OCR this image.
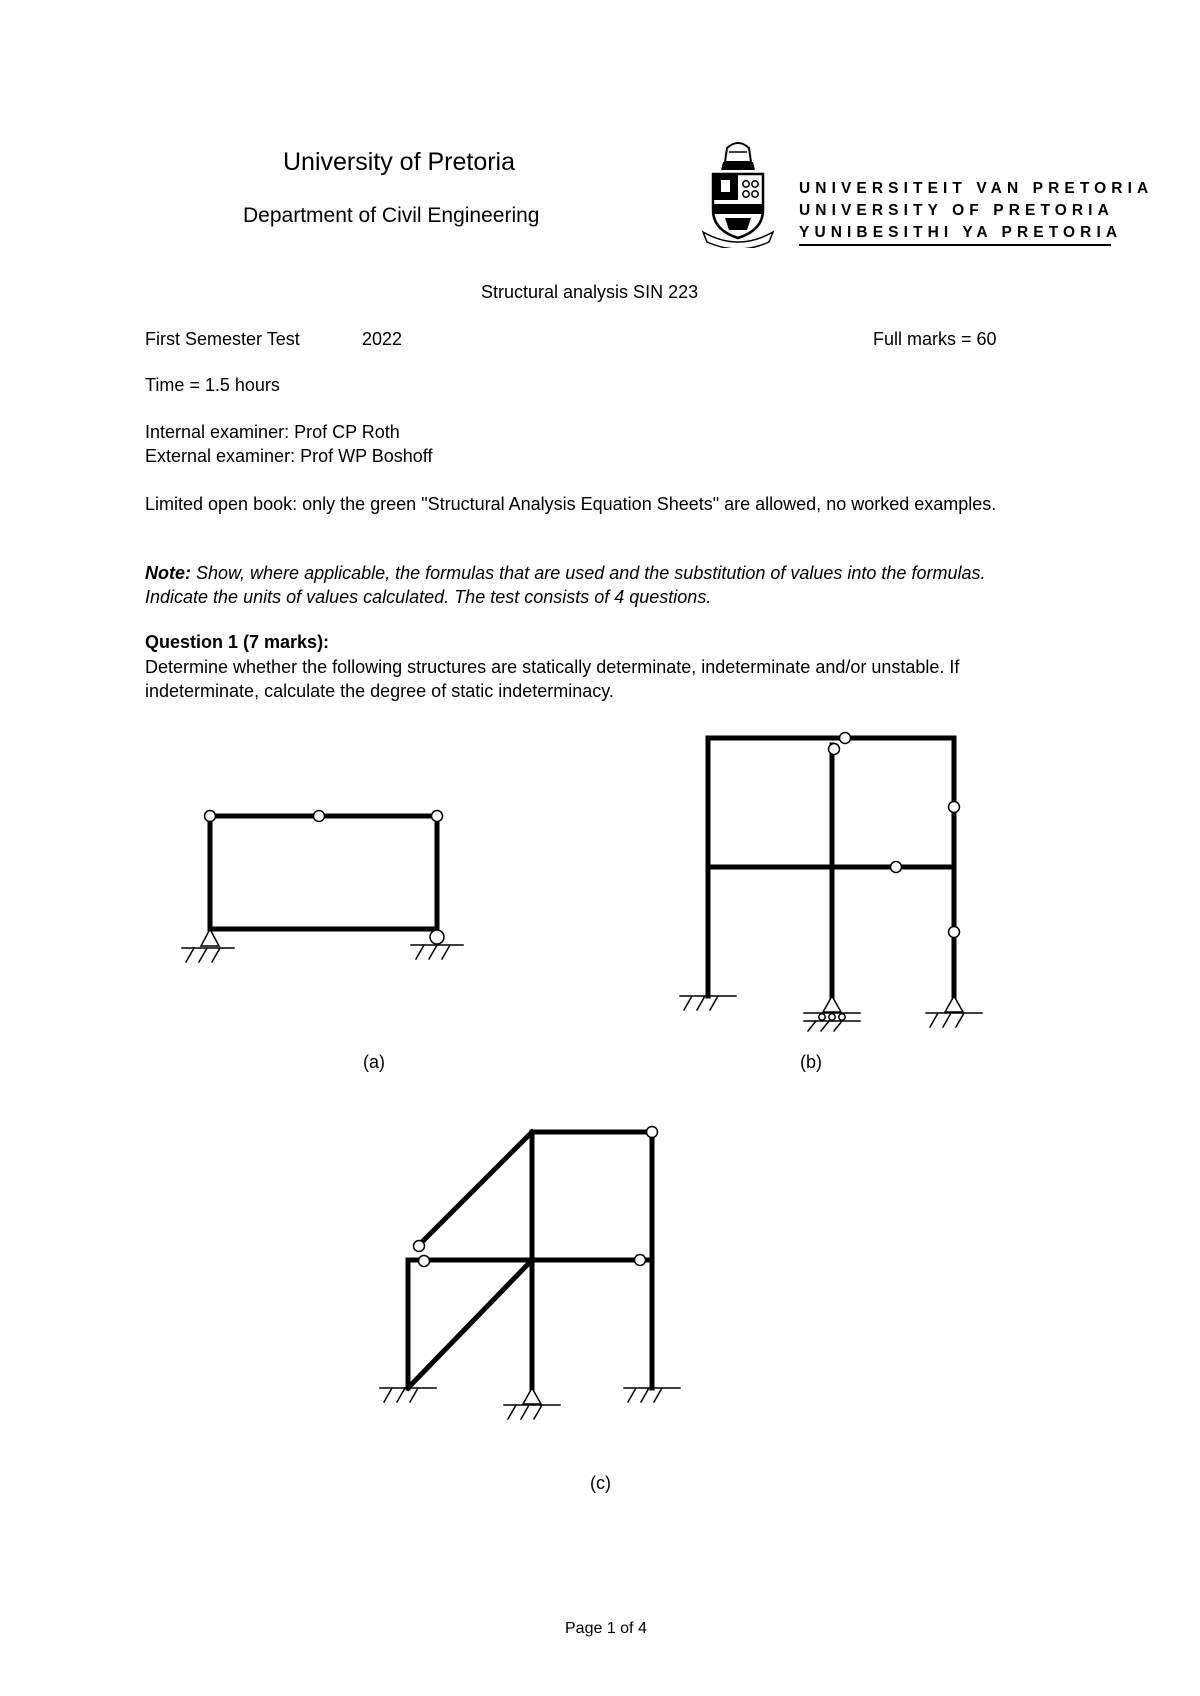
University of Pretoria

Department of Civil Engineering

UNIVERSITEIT VAN PRETORIA
UNIVERSITY OF PRETORIA
YUNIBESITHI YA PRETORIA

Structural analysis SIN 223

First Semester Test	2022	Full marks = 60

Time = 1.5 hours

Internal examiner: Prof CP Roth

External examiner: Prof WP Boshoff

Limited open book: only the green "Structural Analysis Equation Sheets" are allowed, no worked examples.

Note: Show, where applicable, the formulas that are used and the substitution of values into the formulas. Indicate the units of values calculated. The test consists of 4 questions.

Question 1 (7 marks):

Determine whether the following structures are statically determinate, indeterminate and/or unstable. If indeterminate, calculate the degree of static indeterminacy.

(a)	(b)

(c)

Page 1 of 4
